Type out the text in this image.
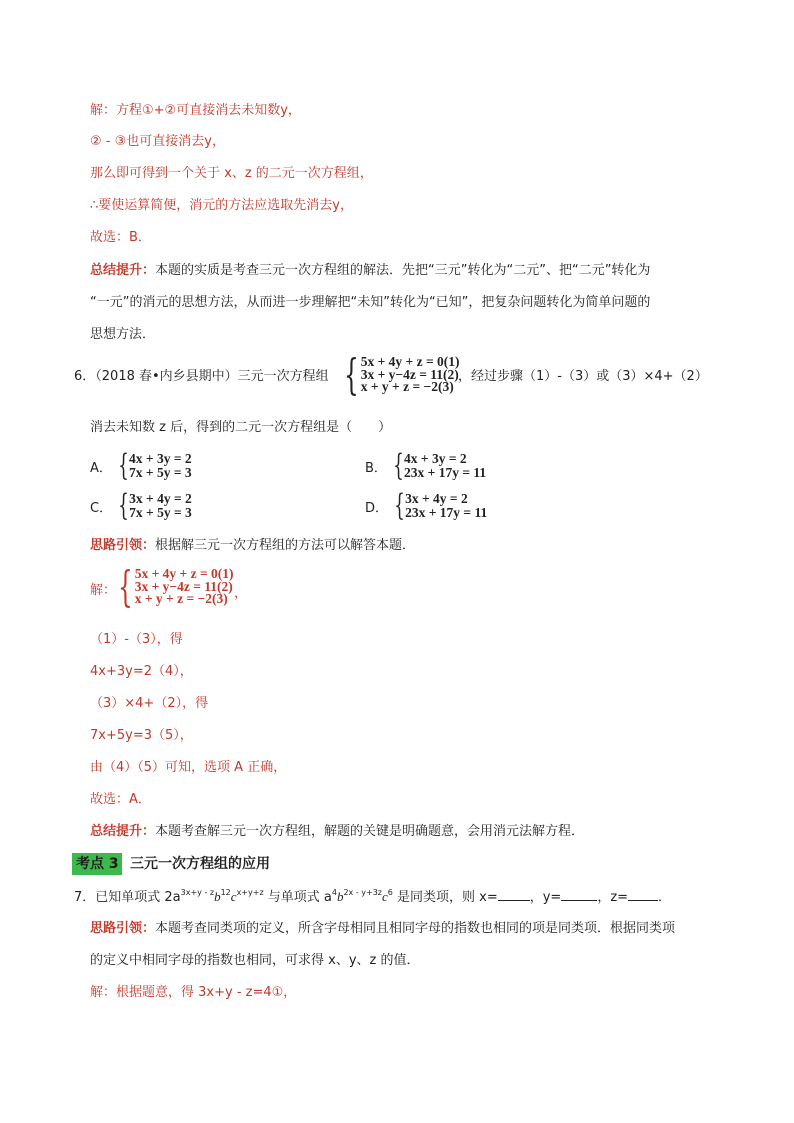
解：方程①+②可直接消去未知数y，
② - ③也可直接消去y，
那么即可得到一个关于 x、z 的二元一次方程组，
∴要使运算简便，消元的方法应选取先消去y，
故选：B．
总结提升：本题的实质是考查三元一次方程组的解法．先把“三元”转化为“二元”、把“二元”转化为
“一元”的消元的思想方法，从而进一步理解把“未知”转化为“已知”，把复杂问题转化为简单问题的
思想方法．
6．（2018 春•内乡县期中）三元一次方程组 { 5x + 4y + z = 0(1)
3x + y−4z = 11(2)
x + y + z = −2(3)
，经过步骤（1）-（3）或（3）×4+（2）
消去未知数 z 后，得到的二元一次方程组是（　　）
A． { 4x + 3y = 2
7x + 5y = 3	B． { 4x + 3y = 2
23x + 17y = 11
C． { 3x + 4y = 2
7x + 5y = 3	D． { 3x + 4y = 2
23x + 17y = 11
思路引领：根据解三元一次方程组的方法可以解答本题．
解： { 5x + 4y + z = 0(1)
3x + y−4z = 11(2)
x + y + z = −2(3) ，
（1）-（3），得
4x+3y=2（4），
（3）×4+（2），得
7x+5y=3（5），
由（4）（5）可知，选项 A 正确，
故选：A．
总结提升：本题考查解三元一次方程组，解题的关键是明确题意，会用消元法解方程．
考点 3 三元一次方程组的应用
7．已知单项式 $2a^{3x+y - z}b^{12}c^{x+y+z}$ 与单项式 $a^4b^{2x - y+3z}c^6$ 是同类项，则 x= ，y=	，z= ．
思路引领：本题考查同类项的定义，所含字母相同且相同字母的指数也相同的项是同类项．根据同类项
的定义中相同字母的指数也相同，可求得 x、y、z 的值．
解：根据题意，得 3x+y - z=4①，
